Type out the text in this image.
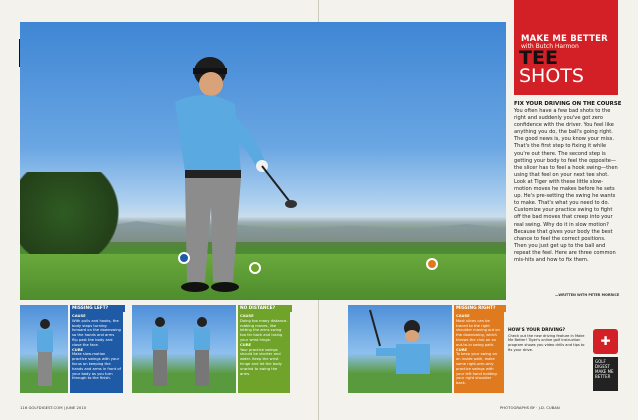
MAKE ME BETTER
with Butch Harmon
TEE
SHOTS
FIX YOUR DRIVING ON THE COURSE
You often have a few bad shots to the right and suddenly you've got zero confidence with the driver. You feel like anything you do, the ball's going right. The good news is, you know your miss. That's the first step to fixing it while you're out there. The second step is getting your body to feel the opposite—the slicer has to feel a hook swing—then using that feel on your next tee shot. Look at Tiger with these little slow-motion moves he makes before he sets up. He's pre-setting the swing he wants to make. That's what you need to do. Customize your practice swing to fight off the bad moves that creep into your real swing. Why do it in slow motion? Because that gives your body the best chance to feel the correct positions. Then you just get up to the ball and repeat the feel. Here are three common mis-hits and how to fix them.
—WRITTEN WITH PETER MORRICE
MISSING LEFT?
CAUSE
With pulls and hooks, the body stops turning forward on the downswing so the hands and arms flip past the body and close the face.
CURE
Make slow-motion practice swings with your focus on keeping the hands and arms in front of your body as you turn through to the finish.
NO DISTANCE?
CAUSE
Doing too many distance-robbing moves, like letting the arms swing too far back and losing your wrist hinge.
CURE
Your practice swings should be shorter and wider. Keep the wrist hinge and let the body unwind to swing the arms.
MISSING RIGHT?
CAUSE
Most slices can be traced to the right shoulder moving out on the downswing, which throws the club on an out-to-in swing path.
CURE
To keep your swing on an inside path, make some right-arm-only practice swings with your left hand holding your right shoulder back.
HOW'S YOUR DRIVING?
Check out the new driving feature in Make Me Better! Tiger's online golf instruction program shows you video drills and tips to fix your drive.
✚
GOLF DIGEST
MAKE ME BETTER
116 GOLFDIGEST.COM | JUNE 2010	PHOTOGRAPHS BY · J.D. CUBAN
